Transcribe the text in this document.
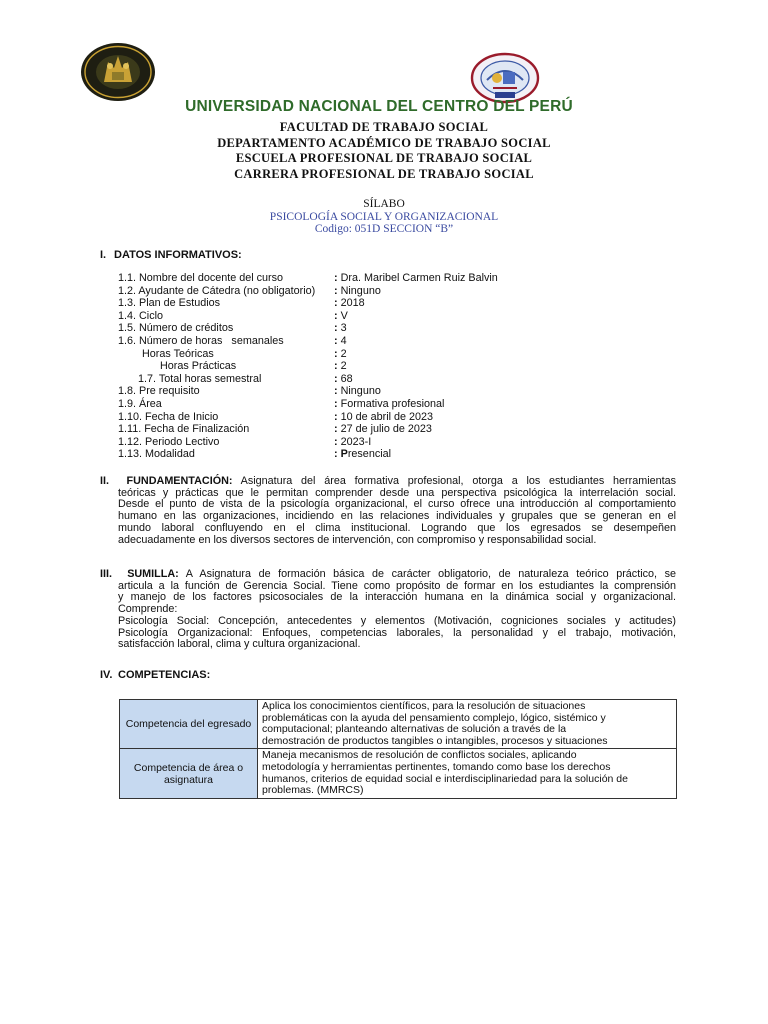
UNIVERSIDAD NACIONAL DEL CENTRO DEL PERÚ
FACULTAD DE TRABAJO SOCIAL
DEPARTAMENTO ACADÉMICO DE TRABAJO SOCIAL
ESCUELA PROFESIONAL DE TRABAJO SOCIAL
CARRERA PROFESIONAL DE TRABAJO SOCIAL
SÍLABO
PSICOLOGÍA SOCIAL Y ORGANIZACIONAL
Codigo: 051D SECCION “B”
I. DATOS INFORMATIVOS:
1.1. Nombre del docente del curso	: Dra. Maribel Carmen Ruiz Balvin
1.2. Ayudante de Cátedra (no obligatorio) : Ninguno
1.3. Plan de Estudios	: 2018
1.4. Ciclo	: V
1.5. Número de créditos	: 3
1.6. Número de horas   semanales	: 4
Horas Teóricas	: 2
Horas Prácticas	: 2
1.7. Total horas semestral	: 68
1.8. Pre requisito	: Ninguno
1.9. Área	: Formativa profesional
1.10. Fecha de Inicio	: 10 de abril de 2023
1.11. Fecha de Finalización	: 27 de julio de 2023
1.12. Periodo Lectivo	: 2023-I
1.13. Modalidad	: Presencial
II. FUNDAMENTACIÓN: Asignatura del área formativa profesional, otorga a los estudiantes herramientas
teóricas y prácticas que le permitan comprender desde una perspectiva psicológica la interrelación social.
Desde el punto de vista de la psicología organizacional, el curso ofrece una introducción al comportamiento
humano en las organizaciones, incidiendo en las relaciones individuales y grupales que se generan en el
mundo laboral confluyendo en el clima institucional. Logrando que los egresados se desempeñen
adecuadamente en los diversos sectores de intervención, con compromiso y responsabilidad social.
III. SUMILLA: A Asignatura de formación básica de carácter obligatorio, de naturaleza teórico práctico, se
articula a la función de Gerencia Social. Tiene como propósito de formar en los estudiantes la comprensión
y manejo de los factores psicosociales de la interacción humana en la dinámica social y organizacional.
Comprende:
Psicología Social: Concepción, antecedentes y elementos (Motivación, cogniciones sociales y actitudes)
Psicología Organizacional: Enfoques, competencias laborales, la personalidad y el trabajo, motivación,
satisfacción laboral, clima y cultura organizacional.
IV. COMPETENCIAS:
Competencia del egresado	Aplica los conocimientos científicos, para la resolución de situaciones
problemáticas con la ayuda del pensamiento complejo, lógico, sistémico y
computacional; planteando alternativas de solución a través de la
demostración de productos tangibles o intangibles, procesos y situaciones

Competencia de área o asignatura	Maneja mecanismos de resolución de conflictos sociales, aplicando
metodología y herramientas pertinentes, tomando como base los derechos
humanos, criterios de equidad social e interdisciplinariedad para la solución de
problemas. (MMRCS)
